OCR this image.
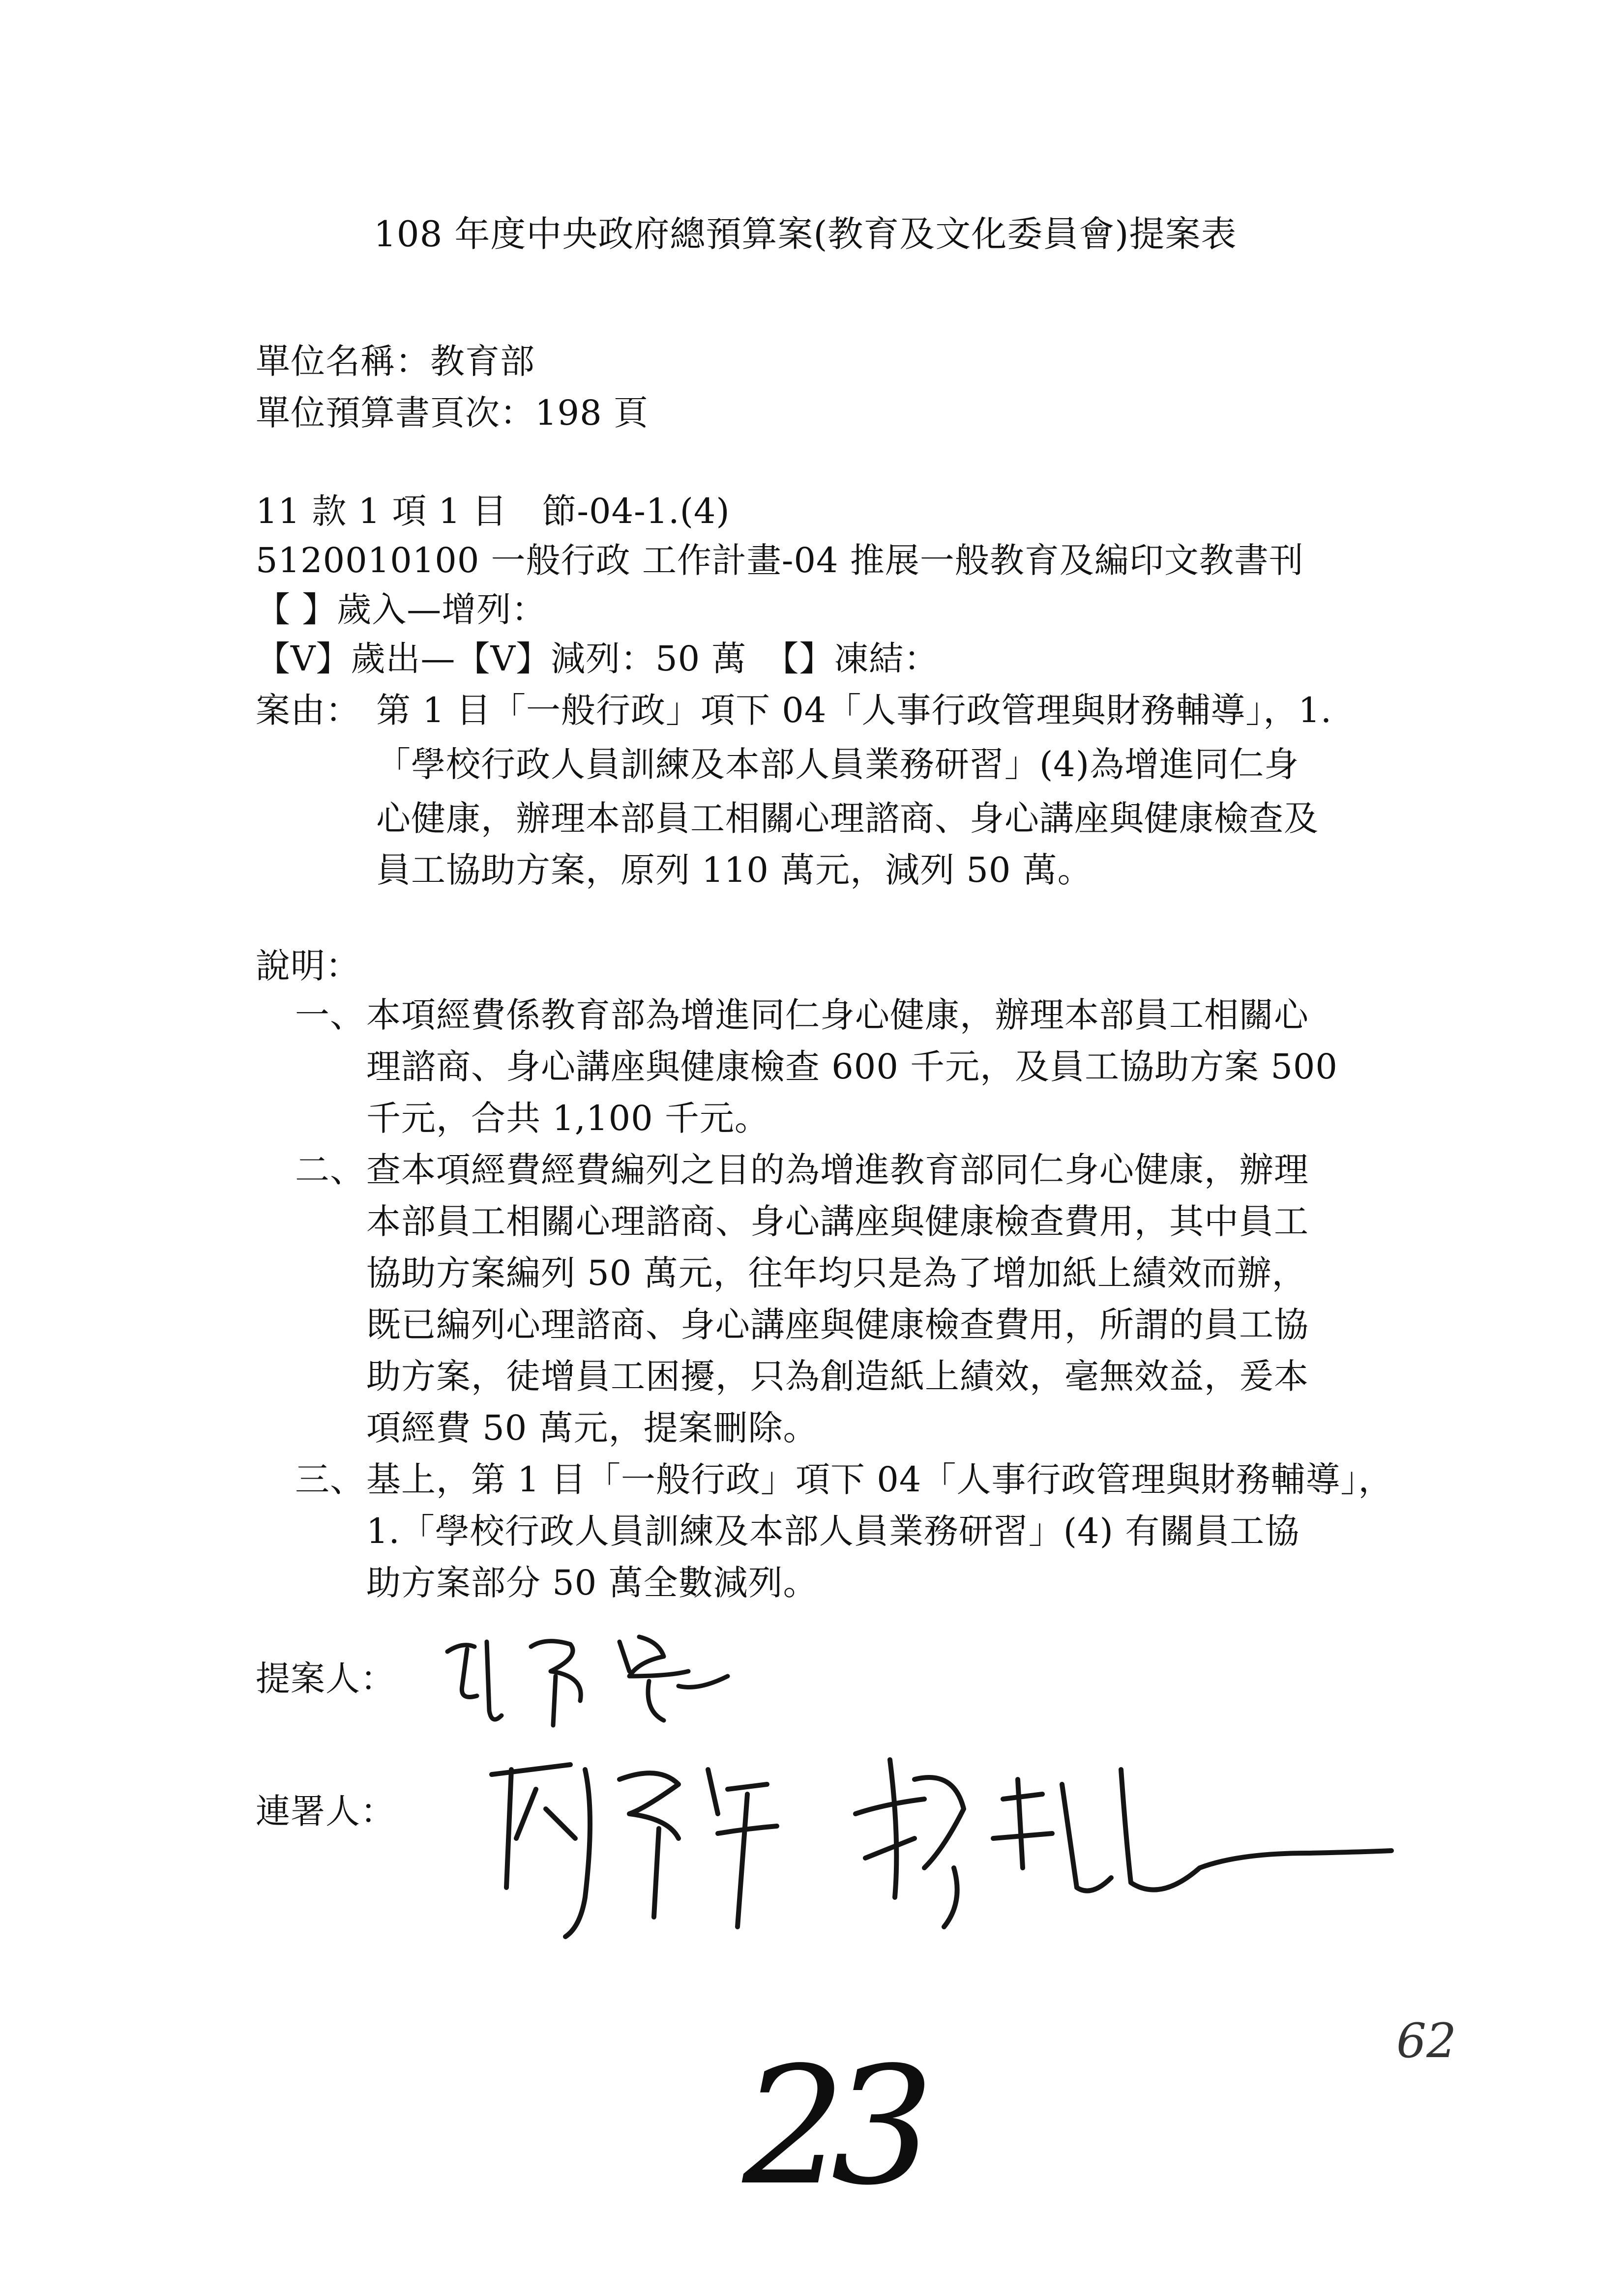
108 年度中央政府總預算案(教育及文化委員會)提案表
單位名稱：教育部
單位預算書頁次：198 頁
11 款 1 項 1 目　節-04-1.(4)
5120010100 一般行政 工作計畫-04 推展一般教育及編印文教書刊
【 】歲入—增列：
【V】歲出—【V】減列：50 萬　【】凍結：
案由： 第 1 目「一般行政」項下 04「人事行政管理與財務輔導」，1.
「學校行政人員訓練及本部人員業務研習」(4)為增進同仁身
心健康，辦理本部員工相關心理諮商、身心講座與健康檢查及
員工協助方案，原列 110 萬元，減列 50 萬。
說明：
一、 本項經費係教育部為增進同仁身心健康，辦理本部員工相關心
理諮商、身心講座與健康檢查 600 千元，及員工協助方案 500
千元，合共 1,100 千元。
二、 查本項經費經費編列之目的為增進教育部同仁身心健康，辦理
本部員工相關心理諮商、身心講座與健康檢查費用，其中員工
協助方案編列 50 萬元，往年均只是為了增加紙上績效而辦，
既已編列心理諮商、身心講座與健康檢查費用，所謂的員工協
助方案，徒增員工困擾，只為創造紙上績效，毫無效益，爰本
項經費 50 萬元，提案刪除。
三、 基上，第 1 目「一般行政」項下 04「人事行政管理與財務輔導」，
1.「學校行政人員訓練及本部人員業務研習」(4) 有關員工協
助方案部分 50 萬全數減列。
提案人：
連署人：
62
23
